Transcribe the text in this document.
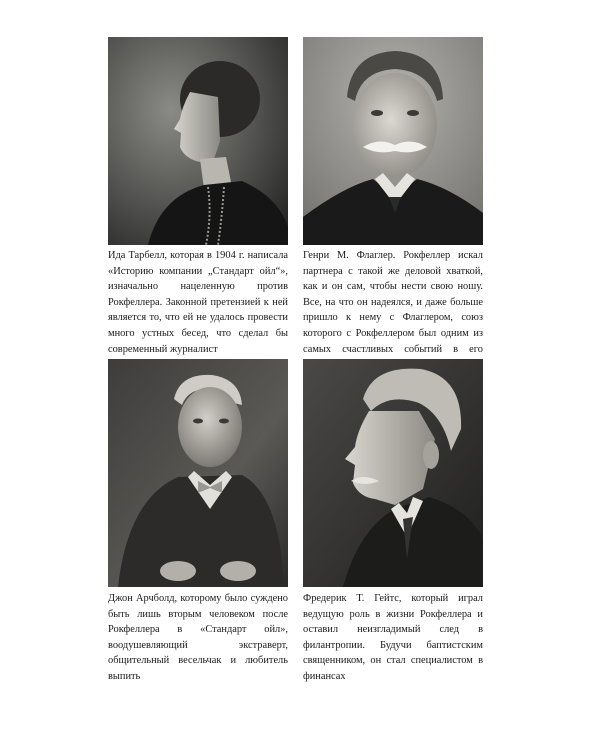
Ида Тарбелл, которая в 1904 г. написала «Историю компании „Стандарт ойл“», изначально нацеленную против Рокфеллера. Законной претензией к ней является то, что ей не удалось провести много устных бесед, что сделал бы современный журналист

Генри М. Флаглер. Рокфеллер искал партнера с такой же деловой хваткой, как и он сам, чтобы нести свою ношу. Все, на что он надеялся, и даже больше пришло к нему с Флаглером, союз которого с Рокфеллером был одним из самых счастливых событий в его

Джон Арчболд, которому было суждено быть лишь вторым человеком после Рокфеллера в «Стандарт ойл», воодушевляющий экстраверт, общительный весельчак и любитель выпить

Фредерик Т. Гейтс, который играл ведущую роль в жизни Рокфеллера и оставил неизгладимый след в филантропии. Будучи баптистским священником, он стал специалистом в финансах
